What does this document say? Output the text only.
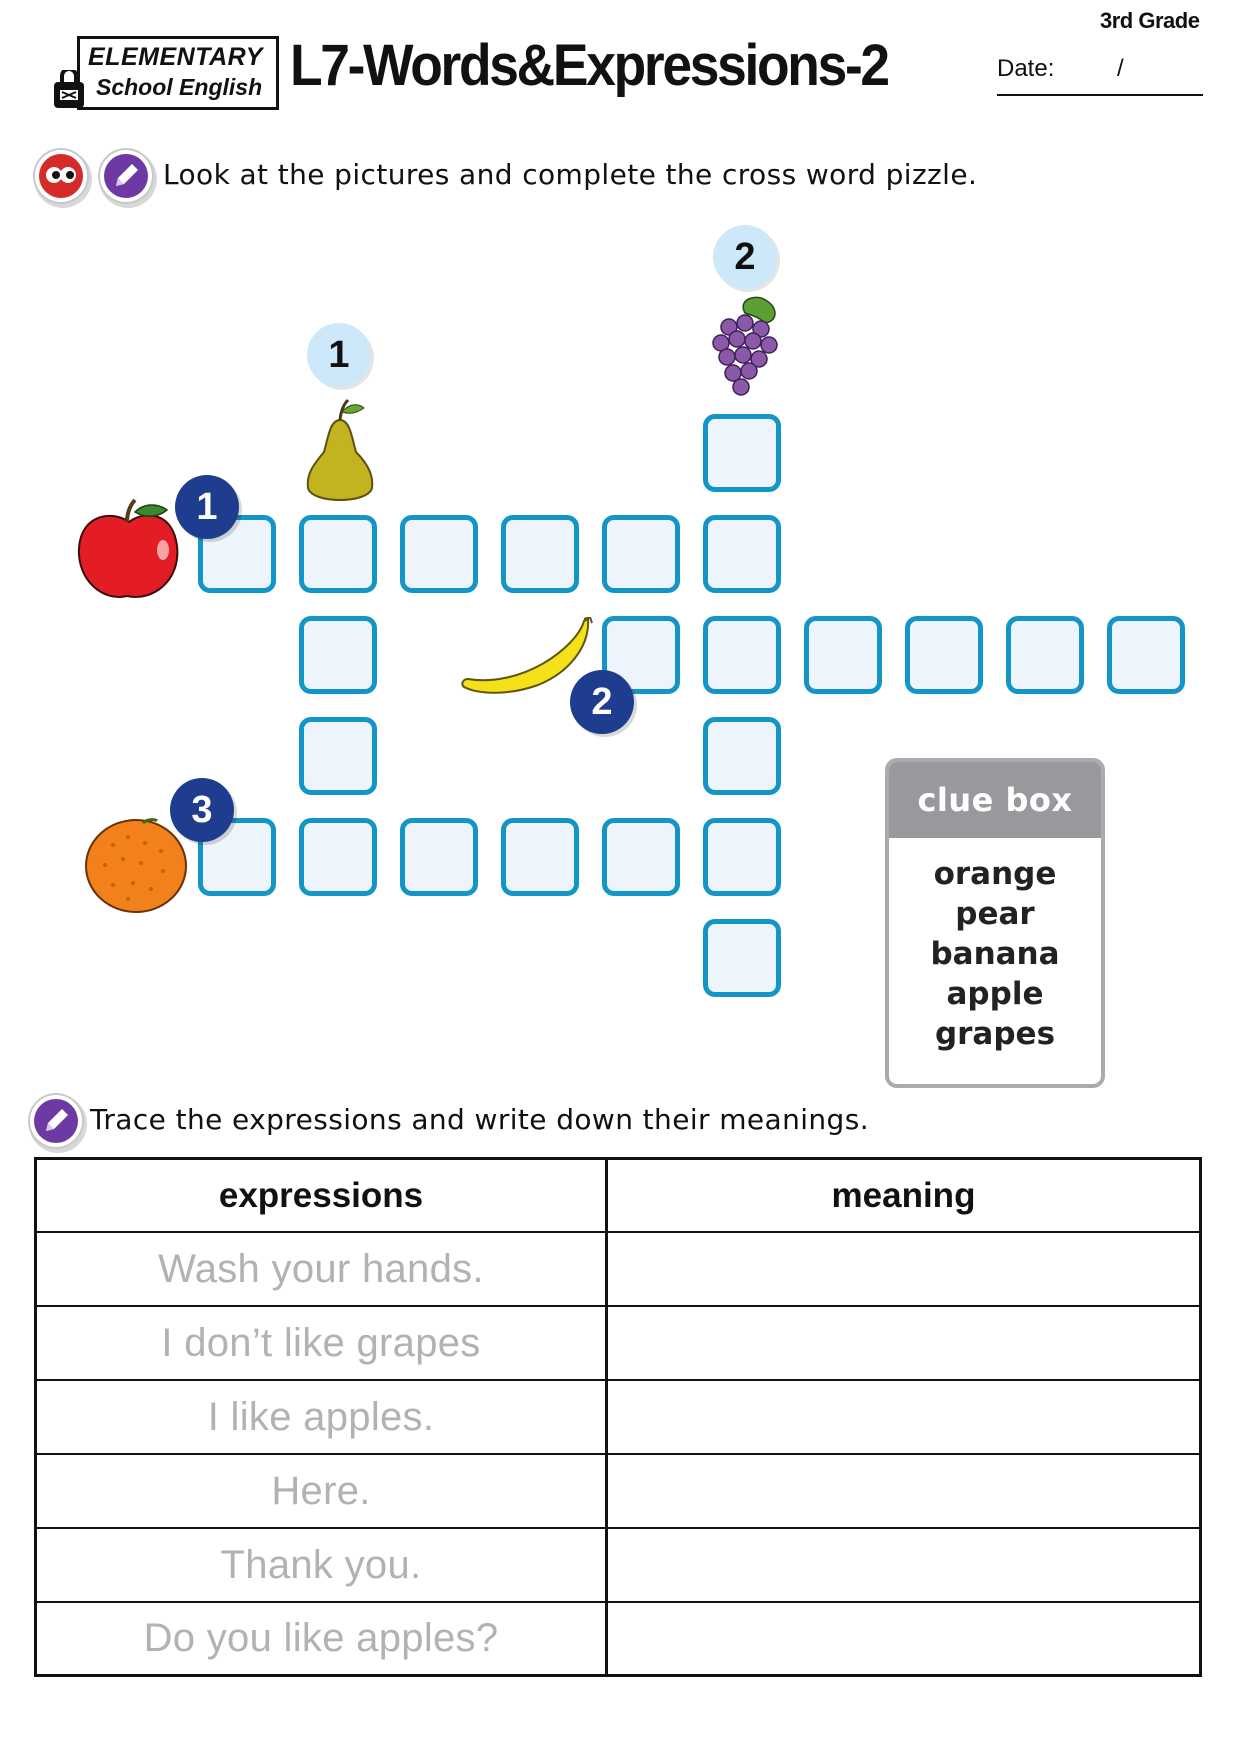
3rd Grade
ELEMENTARY
School English L7-Words&Expressions-2	Date:	/
Look at the pictures and complete the cross word pizzle.
1
2
3
1
2
clue box
orange
pear
banana
apple
grapes
Trace the expressions and write down their meanings.
expressions	meaning
Wash your hands.
I don’t like grapes
I like apples.
Here.
Thank you.
Do you like apples?
